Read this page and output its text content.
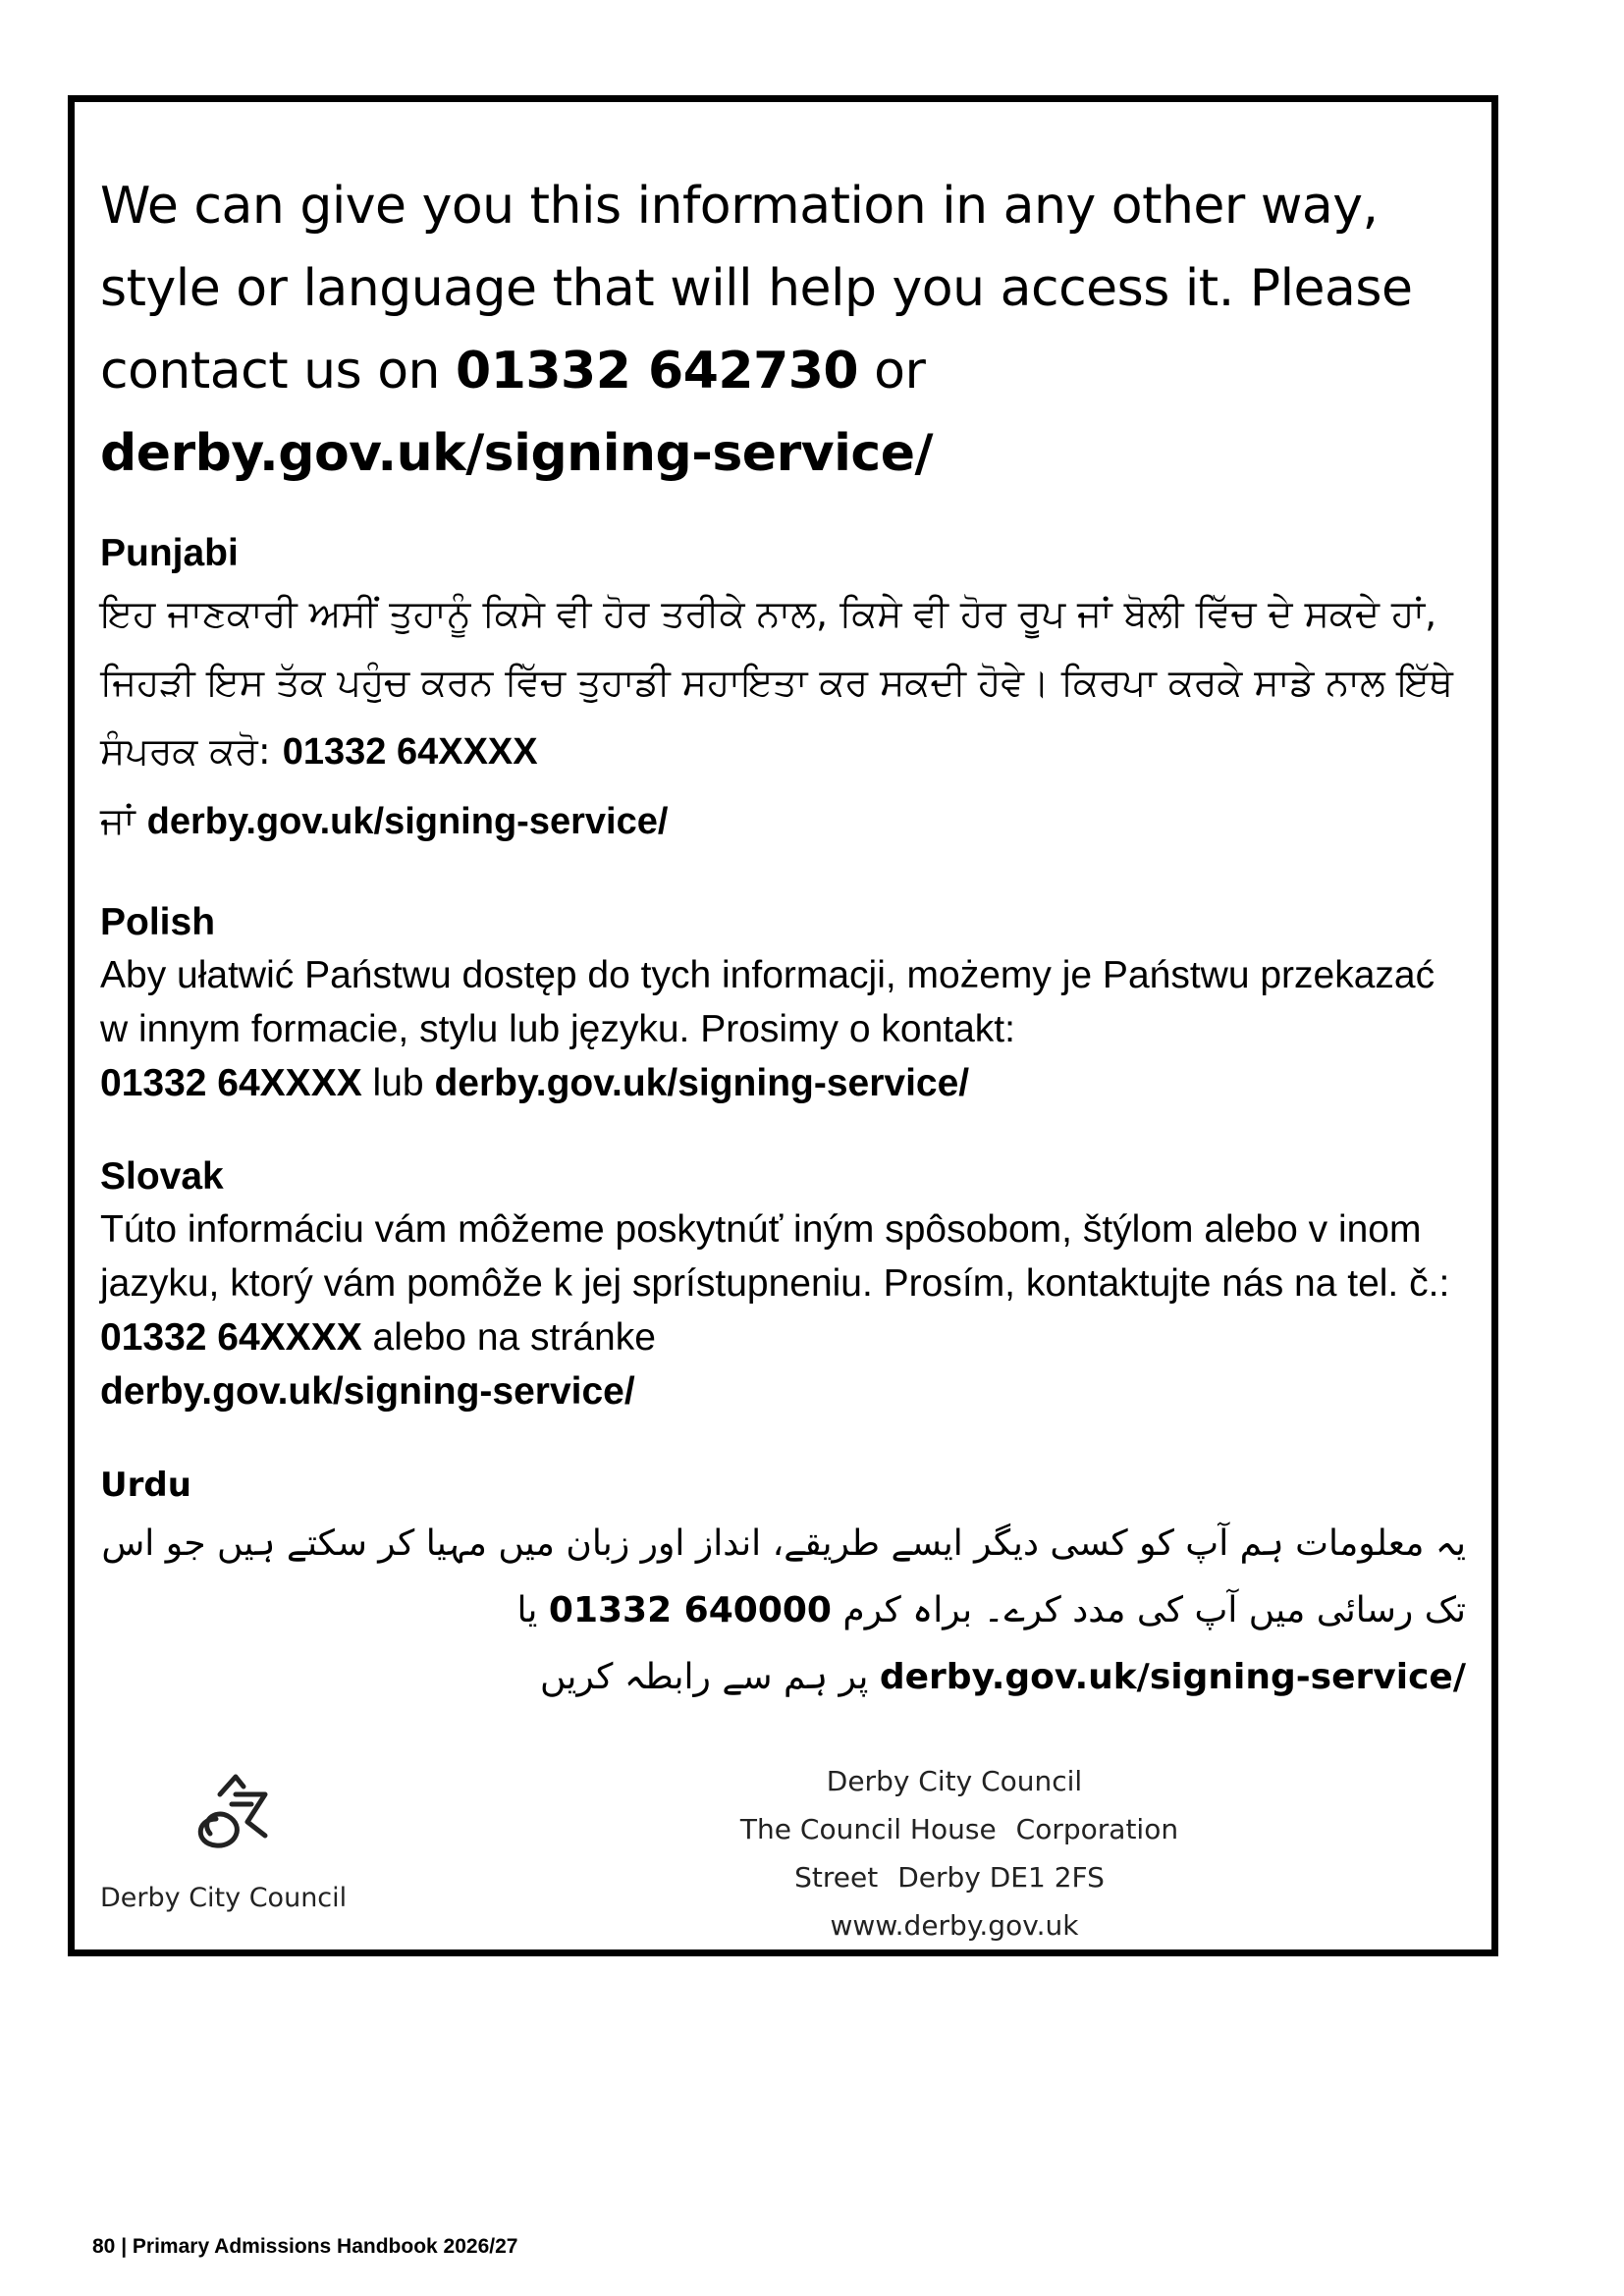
We can give you this information in any other way, style or language that will help you access it. Please contact us on 01332 642730 or
derby.gov.uk/signing-service/

Punjabi

ਇਹ ਜਾਣਕਾਰੀ ਅਸੀਂ ਤੁਹਾਨੂੰ ਕਿਸੇ ਵੀ ਹੋਰ ਤਰੀਕੇ ਨਾਲ, ਕਿਸੇ ਵੀ ਹੋਰ ਰੂਪ ਜਾਂ ਬੋਲੀ ਵਿੱਚ ਦੇ ਸਕਦੇ ਹਾਂ, ਜਿਹੜੀ ਇਸ ਤੱਕ ਪਹੁੰਚ ਕਰਨ ਵਿੱਚ ਤੁਹਾਡੀ ਸਹਾਇਤਾ ਕਰ ਸਕਦੀ ਹੋਵੇ। ਕਿਰਪਾ ਕਰਕੇ ਸਾਡੇ ਨਾਲ ਇੱਥੇ ਸੰਪਰਕ ਕਰੋ: 01332 64XXXX
ਜਾਂ derby.gov.uk/signing-service/

Polish

Aby ułatwić Państwu dostęp do tych informacji, możemy je Państwu przekazać w innym formacie, stylu lub języku. Prosimy o kontakt:
01332 64XXXX lub derby.gov.uk/signing-service/

Slovak

Túto informáciu vám môžeme poskytnúť iným spôsobom, štýlom alebo v inom jazyku, ktorý vám pomôže k jej sprístupneniu. Prosím, kontaktujte nás na tel. č.: 01332 64XXXX alebo na stránke
derby.gov.uk/signing-service/

Urdu

یہ معلومات ہم آپ کو کسی دیگر ایسے طریقے، انداز اور زبان میں مہیا کر سکتے ہیں جو اس تک رسائی میں آپ کی مدد کرے۔ براہ کرم 01332 640000 یا derby.gov.uk/signing-service/ پر ہم سے رابطہ کریں

Derby City Council
Derby City Council
The Council House Corporation Street Derby DE1 2FS
www.derby.gov.uk
80 | Primary Admissions Handbook 2026/27
